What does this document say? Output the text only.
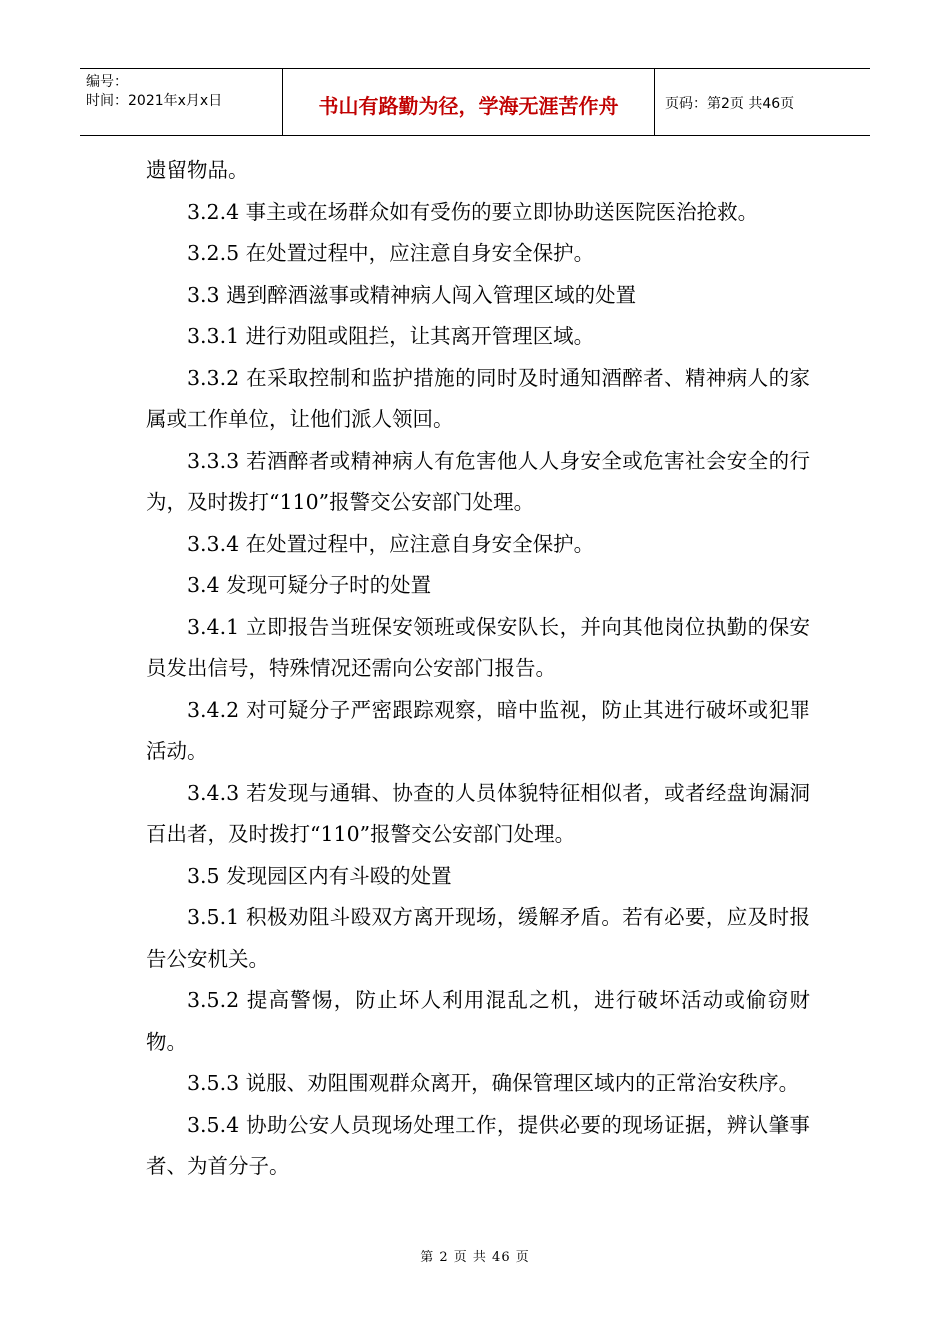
编号：
时间：2021年x月x日	书山有路勤为径，学海无涯苦作舟	页码：第2页 共46页

遗留物品。

3.2.4 事主或在场群众如有受伤的要立即协助送医院医治抢救。

3.2.5 在处置过程中，应注意自身安全保护。

3.3 遇到醉酒滋事或精神病人闯入管理区域的处置

3.3.1 进行劝阻或阻拦，让其离开管理区域。

3.3.2 在采取控制和监护措施的同时及时通知酒醉者、精神病人的家属或工作单位，让他们派人领回。

3.3.3 若酒醉者或精神病人有危害他人人身安全或危害社会安全的行为，及时拨打“110”报警交公安部门处理。

3.3.4 在处置过程中，应注意自身安全保护。

3.4 发现可疑分子时的处置

3.4.1 立即报告当班保安领班或保安队长，并向其他岗位执勤的保安员发出信号，特殊情况还需向公安部门报告。

3.4.2 对可疑分子严密跟踪观察，暗中监视，防止其进行破坏或犯罪活动。

3.4.3 若发现与通辑、协查的人员体貌特征相似者，或者经盘询漏洞百出者，及时拨打“110”报警交公安部门处理。

3.5 发现园区内有斗殴的处置

3.5.1 积极劝阻斗殴双方离开现场，缓解矛盾。若有必要，应及时报告公安机关。

3.5.2 提高警惕，防止坏人利用混乱之机，进行破坏活动或偷窃财物。

3.5.3 说服、劝阻围观群众离开，确保管理区域内的正常治安秩序。

3.5.4 协助公安人员现场处理工作，提供必要的现场证据，辨认肇事者、为首分子。

第 2 页 共 46 页
